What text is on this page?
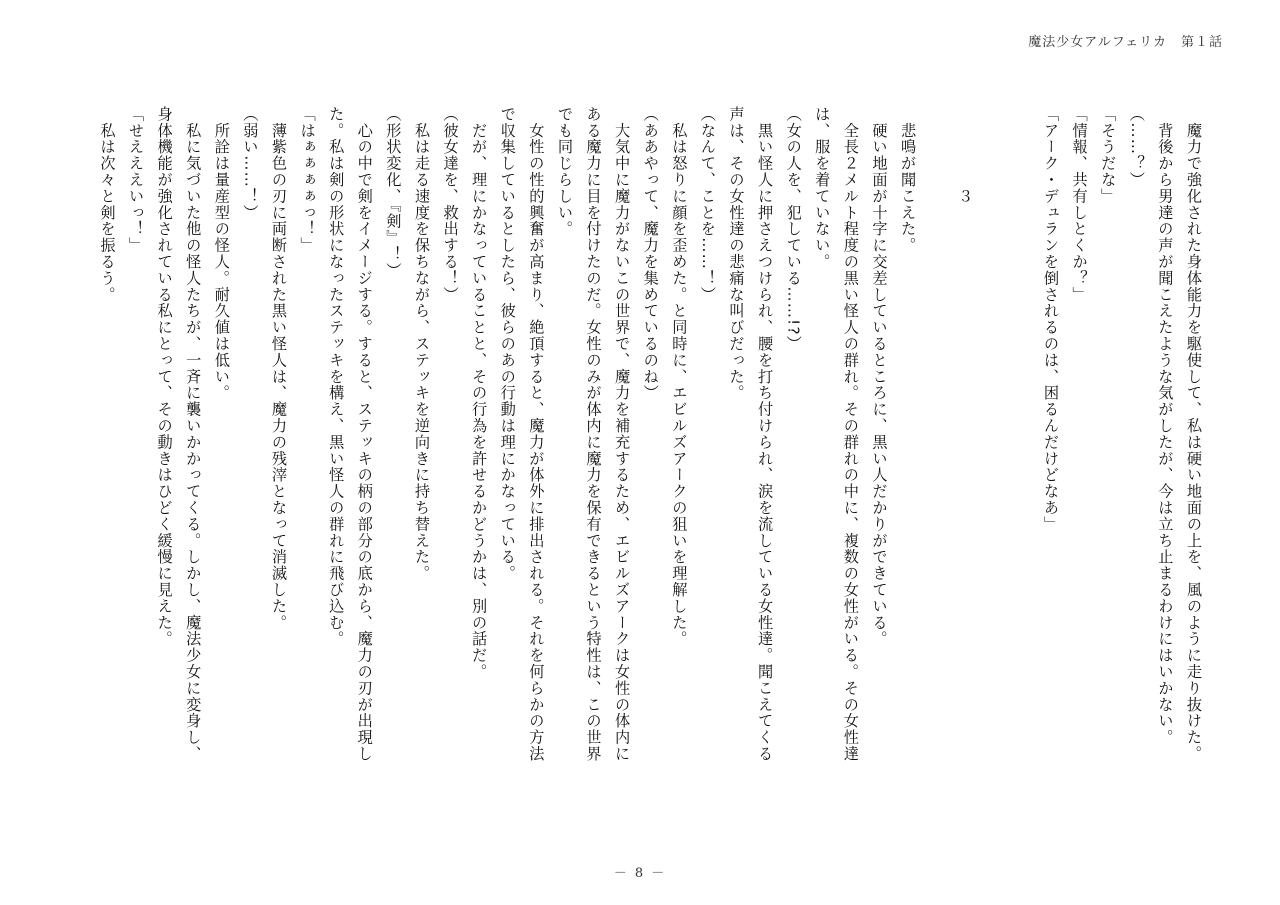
魔法少女アルフェリカ　第１話
　魔力で強化された身体能力を駆使して、私は硬い地面の上を、風のように走り抜けた。
　背後から男達の声が聞こえたような気がしたが、今は立ち止まるわけにはいかない。
（……？）
「そうだな」
「情報、共有しとくか？」
「アーク・デュランを倒されるのは、困るんだけどなあ」

３

　悲鳴が聞こえた。
　硬い地面が十字に交差しているところに、黒い人だかりができている。
　全長２メルト程度の黒い怪人の群れ。その群れの中に、複数の女性がいる。その女性達
は、服を着ていない。
（女の人を、犯している……!?）
　黒い怪人に押さえつけられ、腰を打ち付けられ、涙を流している女性達。聞こえてくる
声は、その女性達の悲痛な叫びだった。
（なんて、ことを……！）
　私は怒りに顔を歪めた。と同時に、エビルズアークの狙いを理解した。
（ああやって、魔力を集めているのね）
　大気中に魔力がないこの世界で、魔力を補充するため、エビルズアークは女性の体内に
ある魔力に目を付けたのだ。女性のみが体内に魔力を保有できるという特性は、この世界
でも同じらしい。
　女性の性的興奮が高まり、絶頂すると、魔力が体外に排出される。それを何らかの方法
で収集しているとしたら、彼らのあの行動は理にかなっている。
　だが、理にかなっていることと、その行為を許せるかどうかは、別の話だ。
（彼女達を、救出する！）
　私は走る速度を保ちながら、ステッキを逆向きに持ち替えた。
（形状変化、『剣』！）
　心の中で剣をイメージする。すると、ステッキの柄の部分の底から、魔力の刃が出現し
た。私は剣の形状になったステッキを構え、黒い怪人の群れに飛び込む。
「はぁぁぁぁっ！」
　薄紫色の刃に両断された黒い怪人は、魔力の残滓となって消滅した。
（弱い……！）
　所詮は量産型の怪人。耐久値は低い。
　私に気づいた他の怪人たちが、一斉に襲いかかってくる。しかし、魔法少女に変身し、
身体機能が強化されている私にとって、その動きはひどく緩慢に見えた。
「せえええいっ！」
　私は次々と剣を振るう。
－ 8 －
